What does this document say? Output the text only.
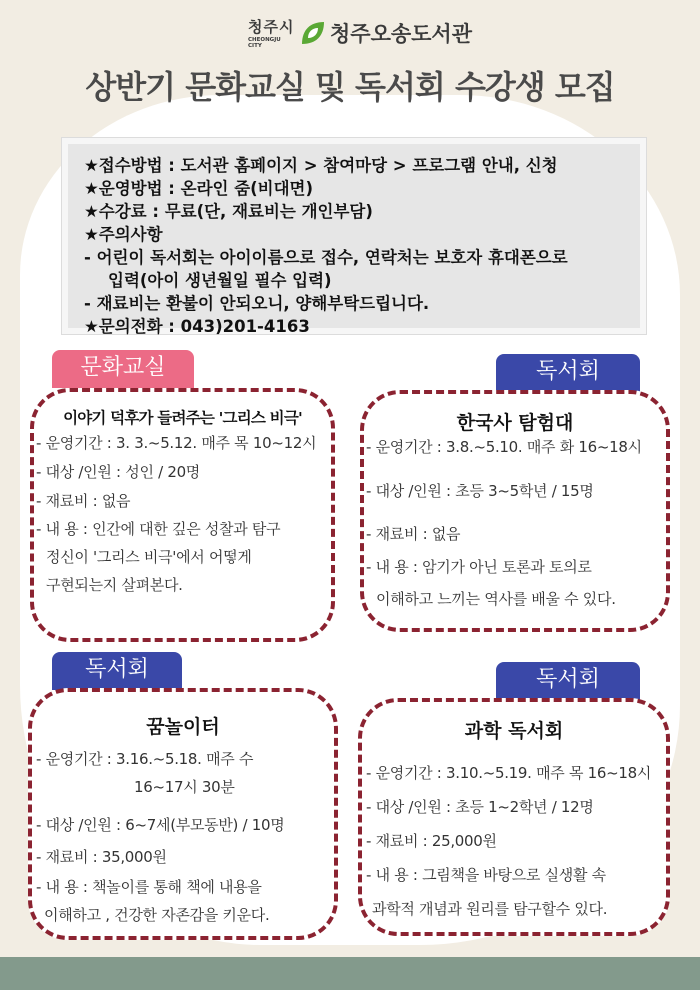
청주시
CHEONGJU
CITY	청주오송도서관
상반기 문화교실 및 독서회 수강생 모집
★접수방법 : 도서관 홈페이지 > 참여마당 > 프로그램 안내, 신청
★운영방법 : 온라인 줌(비대면)
★수강료 : 무료(단, 재료비는 개인부담)
★주의사항
- 어린이 독서회는 아이이름으로 접수, 연락처는 보호자 휴대폰으로
입력(아이 생년월일 필수 입력)
- 재료비는 환불이 안되오니, 양해부탁드립니다.
★문의전화 : 043)201-4163
문화교실
이야기 덕후가 들려주는 '그리스 비극'
- 운영기간 : 3. 3.~5.12. 매주 목 10~12시
- 대상 /인원 : 성인 / 20명
- 재료비 : 없음
- 내 용 : 인간에 대한 깊은 성찰과 탐구
정신이 '그리스 비극'에서 어떻게
구현되는지 살펴본다.
독서회
한국사 탐험대
- 운영기간 : 3.8.~5.10. 매주 화 16~18시
- 대상 /인원 : 초등 3~5학년 / 15명
- 재료비 : 없음
- 내 용 : 암기가 아닌 토론과 토의로
이해하고 느끼는 역사를 배울 수 있다.
독서회
꿈놀이터
- 운영기간 : 3.16.~5.18. 매주 수
16~17시 30분
- 대상 /인원 : 6~7세(부모동반) / 10명
- 재료비 : 35,000원
- 내 용 : 책놀이를 통해 책에 내용을
이해하고 , 건강한 자존감을 키운다.
독서회
과학 독서회
- 운영기간 : 3.10.~5.19. 매주 목 16~18시
- 대상 /인원 : 초등 1~2학년 / 12명
- 재료비 : 25,000원
- 내 용 : 그림책을 바탕으로 실생활 속
과학적 개념과 원리를 탐구할수 있다.
